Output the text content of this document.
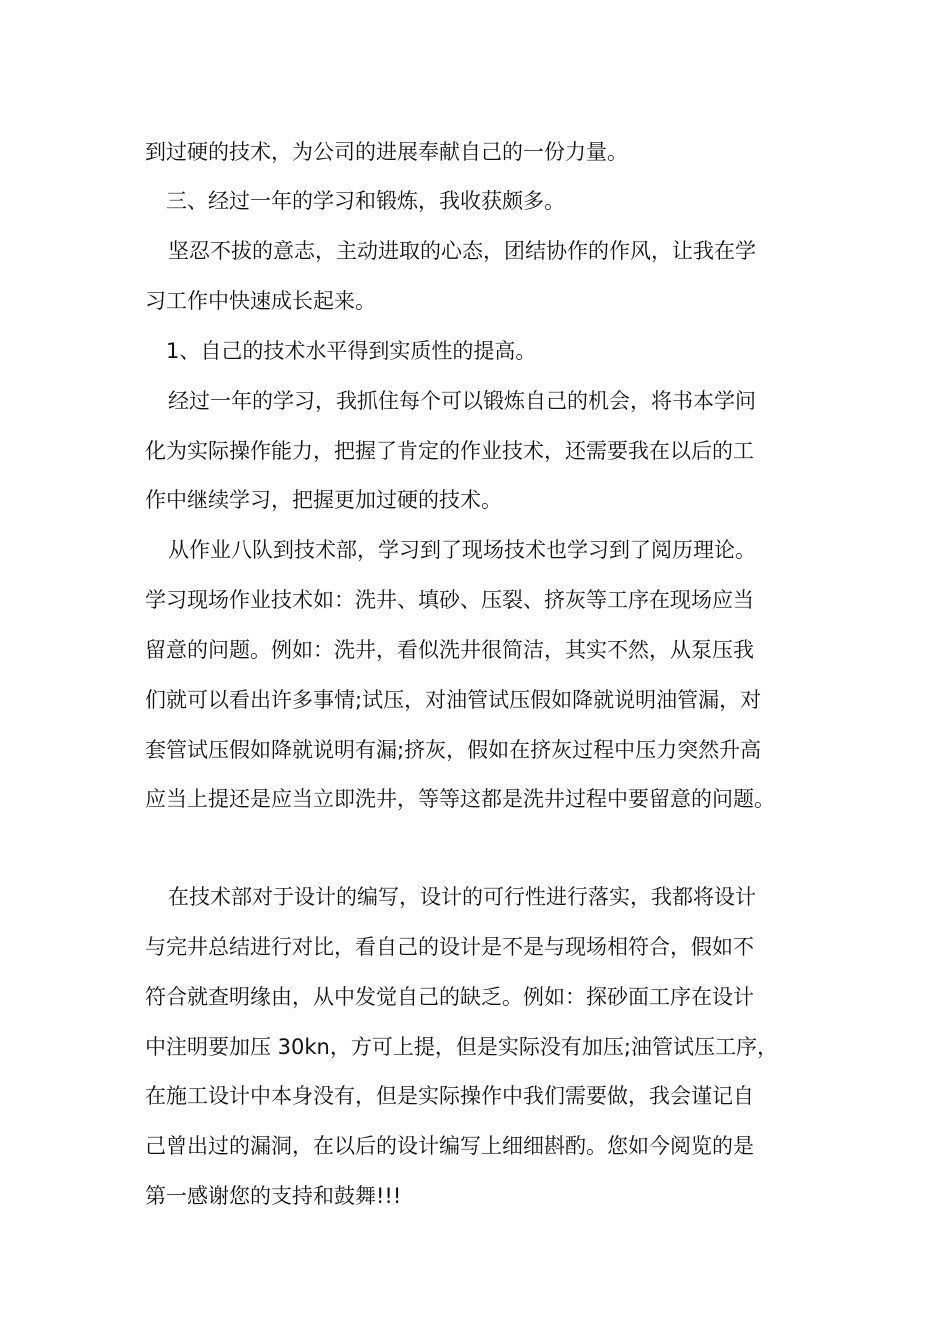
到过硬的技术，为公司的进展奉献自己的一份力量。
三、经过一年的学习和锻炼，我收获颇多。
坚忍不拔的意志，主动进取的心态，团结协作的作风，让我在学
习工作中快速成长起来。
1、自己的技术水平得到实质性的提高。
经过一年的学习，我抓住每个可以锻炼自己的机会，将书本学问
化为实际操作能力，把握了肯定的作业技术，还需要我在以后的工
作中继续学习，把握更加过硬的技术。
从作业八队到技术部，学习到了现场技术也学习到了阅历理论。
学习现场作业技术如：洗井、填砂、压裂、挤灰等工序在现场应当
留意的问题。例如：洗井，看似洗井很简洁，其实不然，从泵压我
们就可以看出许多事情;试压，对油管试压假如降就说明油管漏，对
套管试压假如降就说明有漏;挤灰，假如在挤灰过程中压力突然升高
应当上提还是应当立即洗井，等等这都是洗井过程中要留意的问题。
在技术部对于设计的编写，设计的可行性进行落实，我都将设计
与完井总结进行对比，看自己的设计是不是与现场相符合，假如不
符合就查明缘由，从中发觉自己的缺乏。例如：探砂面工序在设计
中注明要加压 30kn，方可上提，但是实际没有加压;油管试压工序，
在施工设计中本身没有，但是实际操作中我们需要做，我会谨记自
己曾出过的漏洞，在以后的设计编写上细细斟酌。您如今阅览的是
第一感谢您的支持和鼓舞!!!
